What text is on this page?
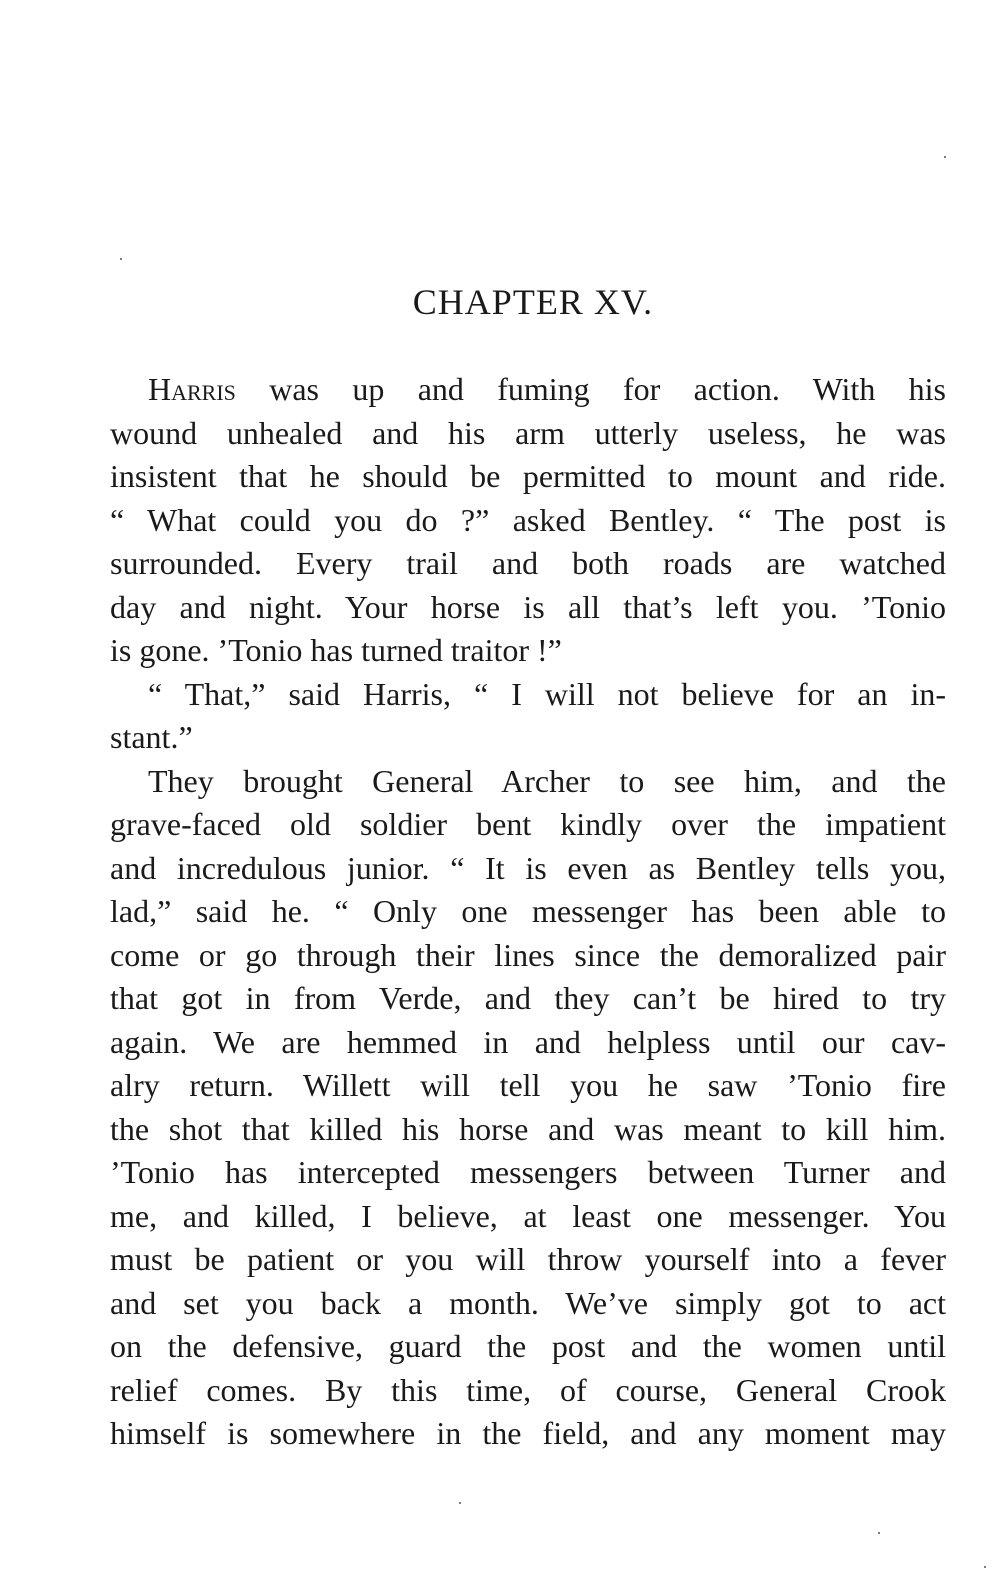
CHAPTER XV.
Harris was up and fuming for action. With his
wound unhealed and his arm utterly useless, he was
insistent that he should be permitted to mount and ride.
“ What could you do ?” asked Bentley. “ The post is
surrounded. Every trail and both roads are watched
day and night. Your horse is all that’s left you. ’Tonio
is gone. ’Tonio has turned traitor !”
“ That,” said Harris, “ I will not believe for an in-
stant.”
They brought General Archer to see him, and the
grave-faced old soldier bent kindly over the impatient
and incredulous junior. “ It is even as Bentley tells you,
lad,” said he. “ Only one messenger has been able to
come or go through their lines since the demoralized pair
that got in from Verde, and they can’t be hired to try
again. We are hemmed in and helpless until our cav-
alry return. Willett will tell you he saw ’Tonio fire
the shot that killed his horse and was meant to kill him.
’Tonio has intercepted messengers between Turner and
me, and killed, I believe, at least one messenger. You
must be patient or you will throw yourself into a fever
and set you back a month. We’ve simply got to act
on the defensive, guard the post and the women until
relief comes. By this time, of course, General Crook
himself is somewhere in the field, and any moment may
